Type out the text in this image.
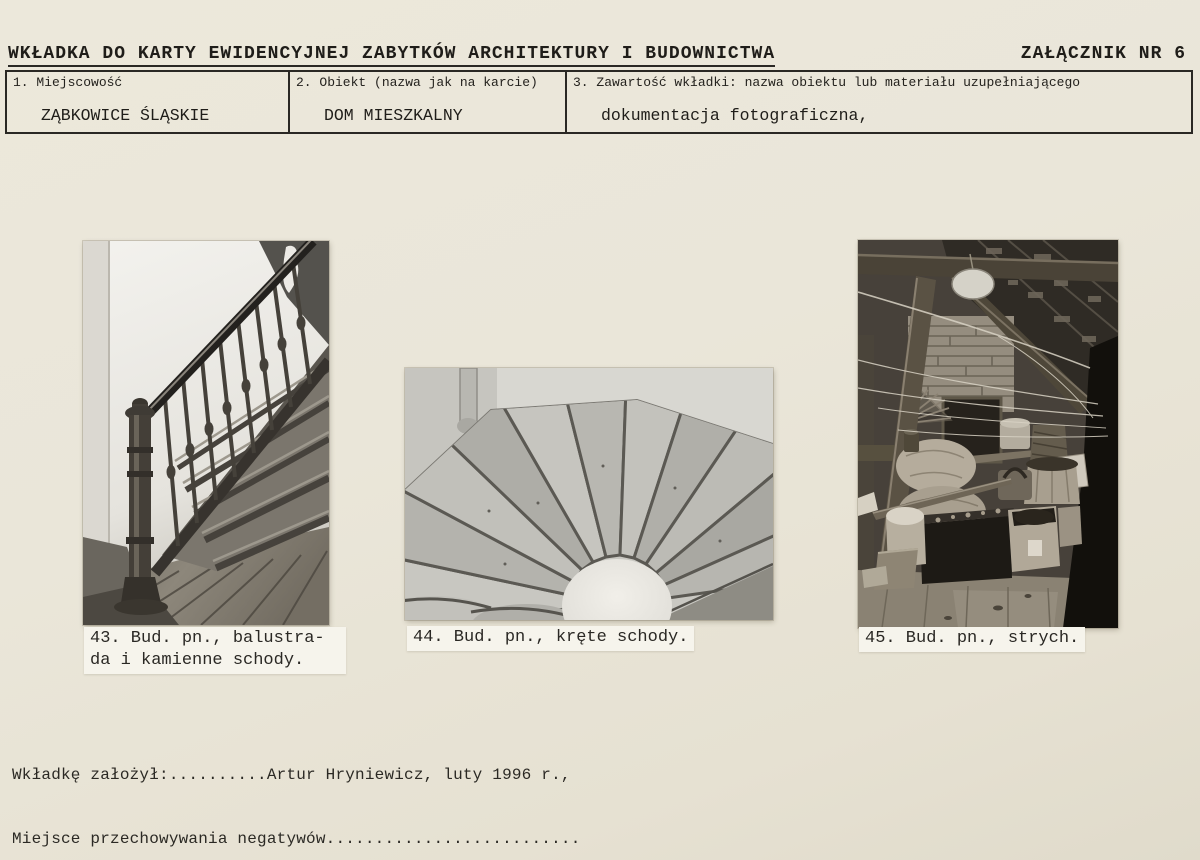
WKŁADKA DO KARTY EWIDENCYJNEJ ZABYTKÓW ARCHITEKTURY I BUDOWNICTWA	ZAŁĄCZNIK NR 6
1. Miejscowość
ZĄBKOWICE ŚLĄSKIE
2. Obiekt (nazwa jak na karcie)
DOM MIESZKALNY
3. Zawartość wkładki: nazwa obiektu lub materiału uzupełniającego
dokumentacja fotograficzna,
43. Bud. pn., balustra-
da i kamienne schody.
44. Bud. pn., kręte schody.	45. Bud. pn., strych.
Wkładkę założył:..........Artur Hryniewicz, luty 1996 r.,
Miejsce przechowywania negatywów..........................
